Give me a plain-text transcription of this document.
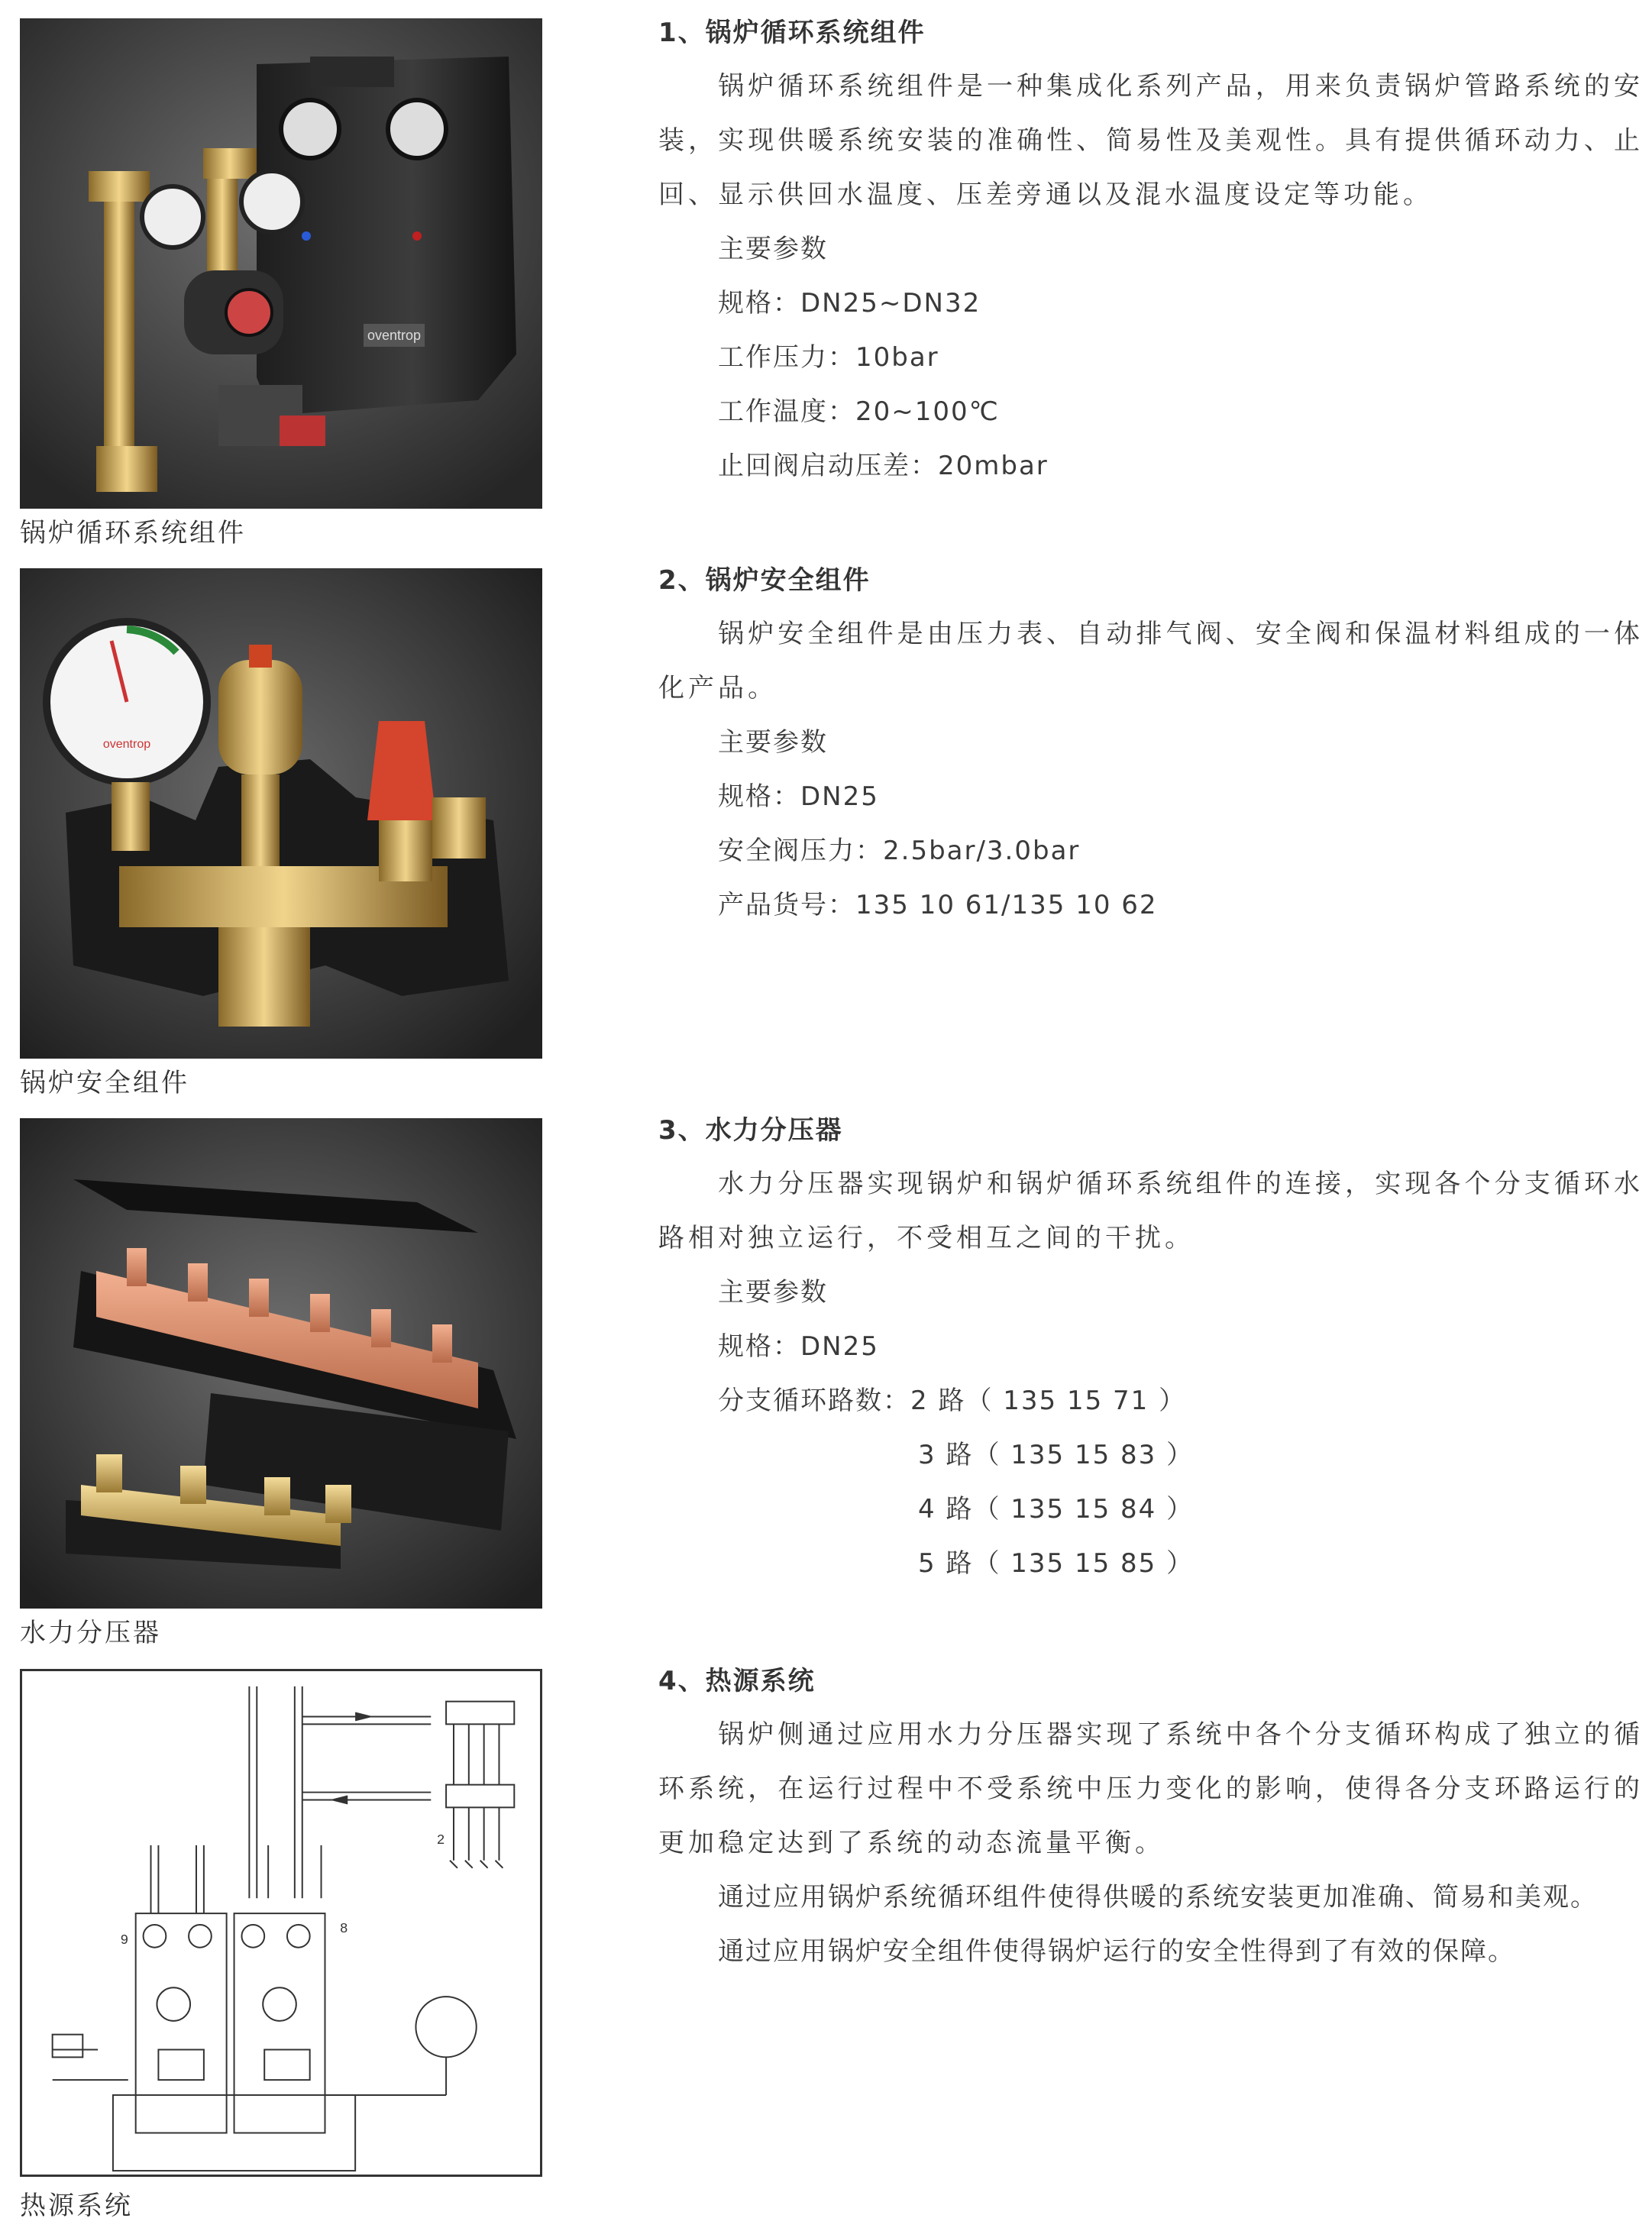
oventrop
锅炉循环系统组件
oventrop
锅炉安全组件
水力分压器
2
9
8
热源系统
1、锅炉循环系统组件
锅炉循环系统组件是一种集成化系列产品，用来负责锅炉管路系统的安装，实现供暖系统安装的准确性、简易性及美观性。具有提供循环动力、止回、显示供回水温度、压差旁通以及混水温度设定等功能。
主要参数
规格：DN25~DN32
工作压力：10bar
工作温度：20~100℃
止回阀启动压差：20mbar
2、锅炉安全组件
锅炉安全组件是由压力表、自动排气阀、安全阀和保温材料组成的一体化产品。
主要参数
规格：DN25
安全阀压力：2.5bar/3.0bar
产品货号：135 10 61/135 10 62
3、水力分压器
水力分压器实现锅炉和锅炉循环系统组件的连接，实现各个分支循环水路相对独立运行，不受相互之间的干扰。
主要参数
规格：DN25
分支循环路数：2 路（ 135 15 71 ）
3 路（ 135 15 83 ）
4 路（ 135 15 84 ）
5 路（ 135 15 85 ）
4、热源系统
锅炉侧通过应用水力分压器实现了系统中各个分支循环构成了独立的循环系统，在运行过程中不受系统中压力变化的影响，使得各分支环路运行的更加稳定达到了系统的动态流量平衡。
通过应用锅炉系统循环组件使得供暖的系统安装更加准确、简易和美观。
通过应用锅炉安全组件使得锅炉运行的安全性得到了有效的保障。
